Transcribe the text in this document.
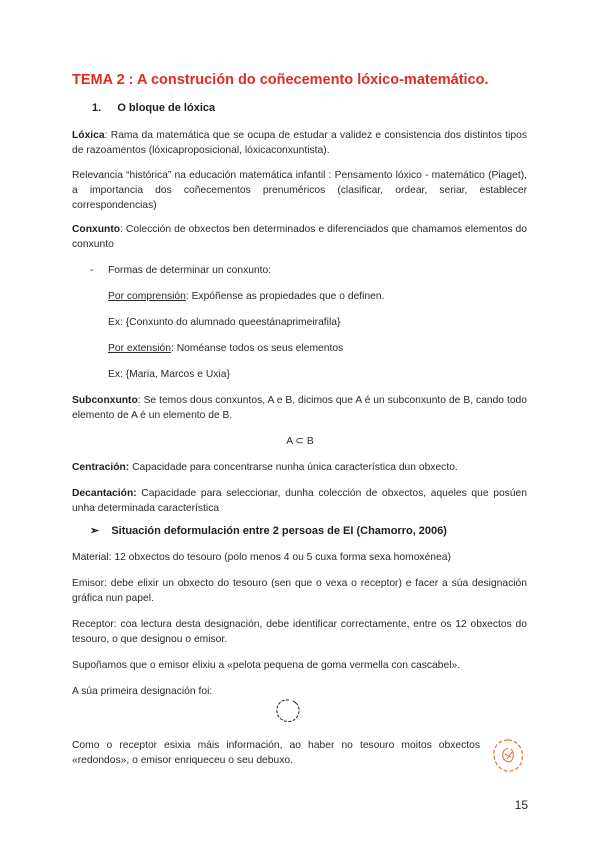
TEMA 2 : A construción do coñecemento lóxico-matemático.
1. O bloque de lóxica
Lóxica: Rama da matemática que se ocupa de estudar a validez e consistencia dos distintos tipos de razoamentos (lóxicaproposicional, lóxicaconxuntista).
Relevancia “histórica” na educación matemática infantil : Pensamento lóxico - matemático (Piaget), a importancia dos coñecementos prenuméricos (clasificar, ordear, seriar, establecer correspondencias)
Conxunto: Colección de obxectos ben determinados e diferenciados que chamamos elementos do conxunto
- Formas de determinar un conxunto:
Por comprensión: Expóñense as propiedades que o definen.
Ex: {Conxunto do alumnado queestánaprimeirafila}
Por extensión: Noméanse todos os seus elementos
Ex: {Maria, Marcos e Uxia}
Subconxunto: Se temos dous conxuntos, A e B, dicimos que A é un subconxunto de B, cando todo elemento de A é un elemento de B.
A ⊂ B
Centración: Capacidade para concentrarse nunha única característica dun obxecto.
Decantación: Capacidade para seleccionar, dunha colección de obxectos, aqueles que posúen unha determinada característica
➢ Situación deformulación entre 2 persoas de EI (Chamorro, 2006)
Material: 12 obxectos do tesouro (polo menos 4 ou 5 cuxa forma sexa homoxénea)
Emisor: debe elixir un obxecto do tesouro (sen que o vexa o receptor) e facer a súa designación gráfica nun papel.
Receptor: coa lectura desta designación, debe identificar correctamente, entre os 12 obxectos do tesouro, o que designou o emisor.
Supoñamos que o emisor elixiu a «pelota pequena de goma vermella con cascabel».
A súa primeira designación foi:
Como o receptor esixia máis información, ao haber no tesouro moitos obxectos «redondos», o emisor enriqueceu o seu debuxo.
15
